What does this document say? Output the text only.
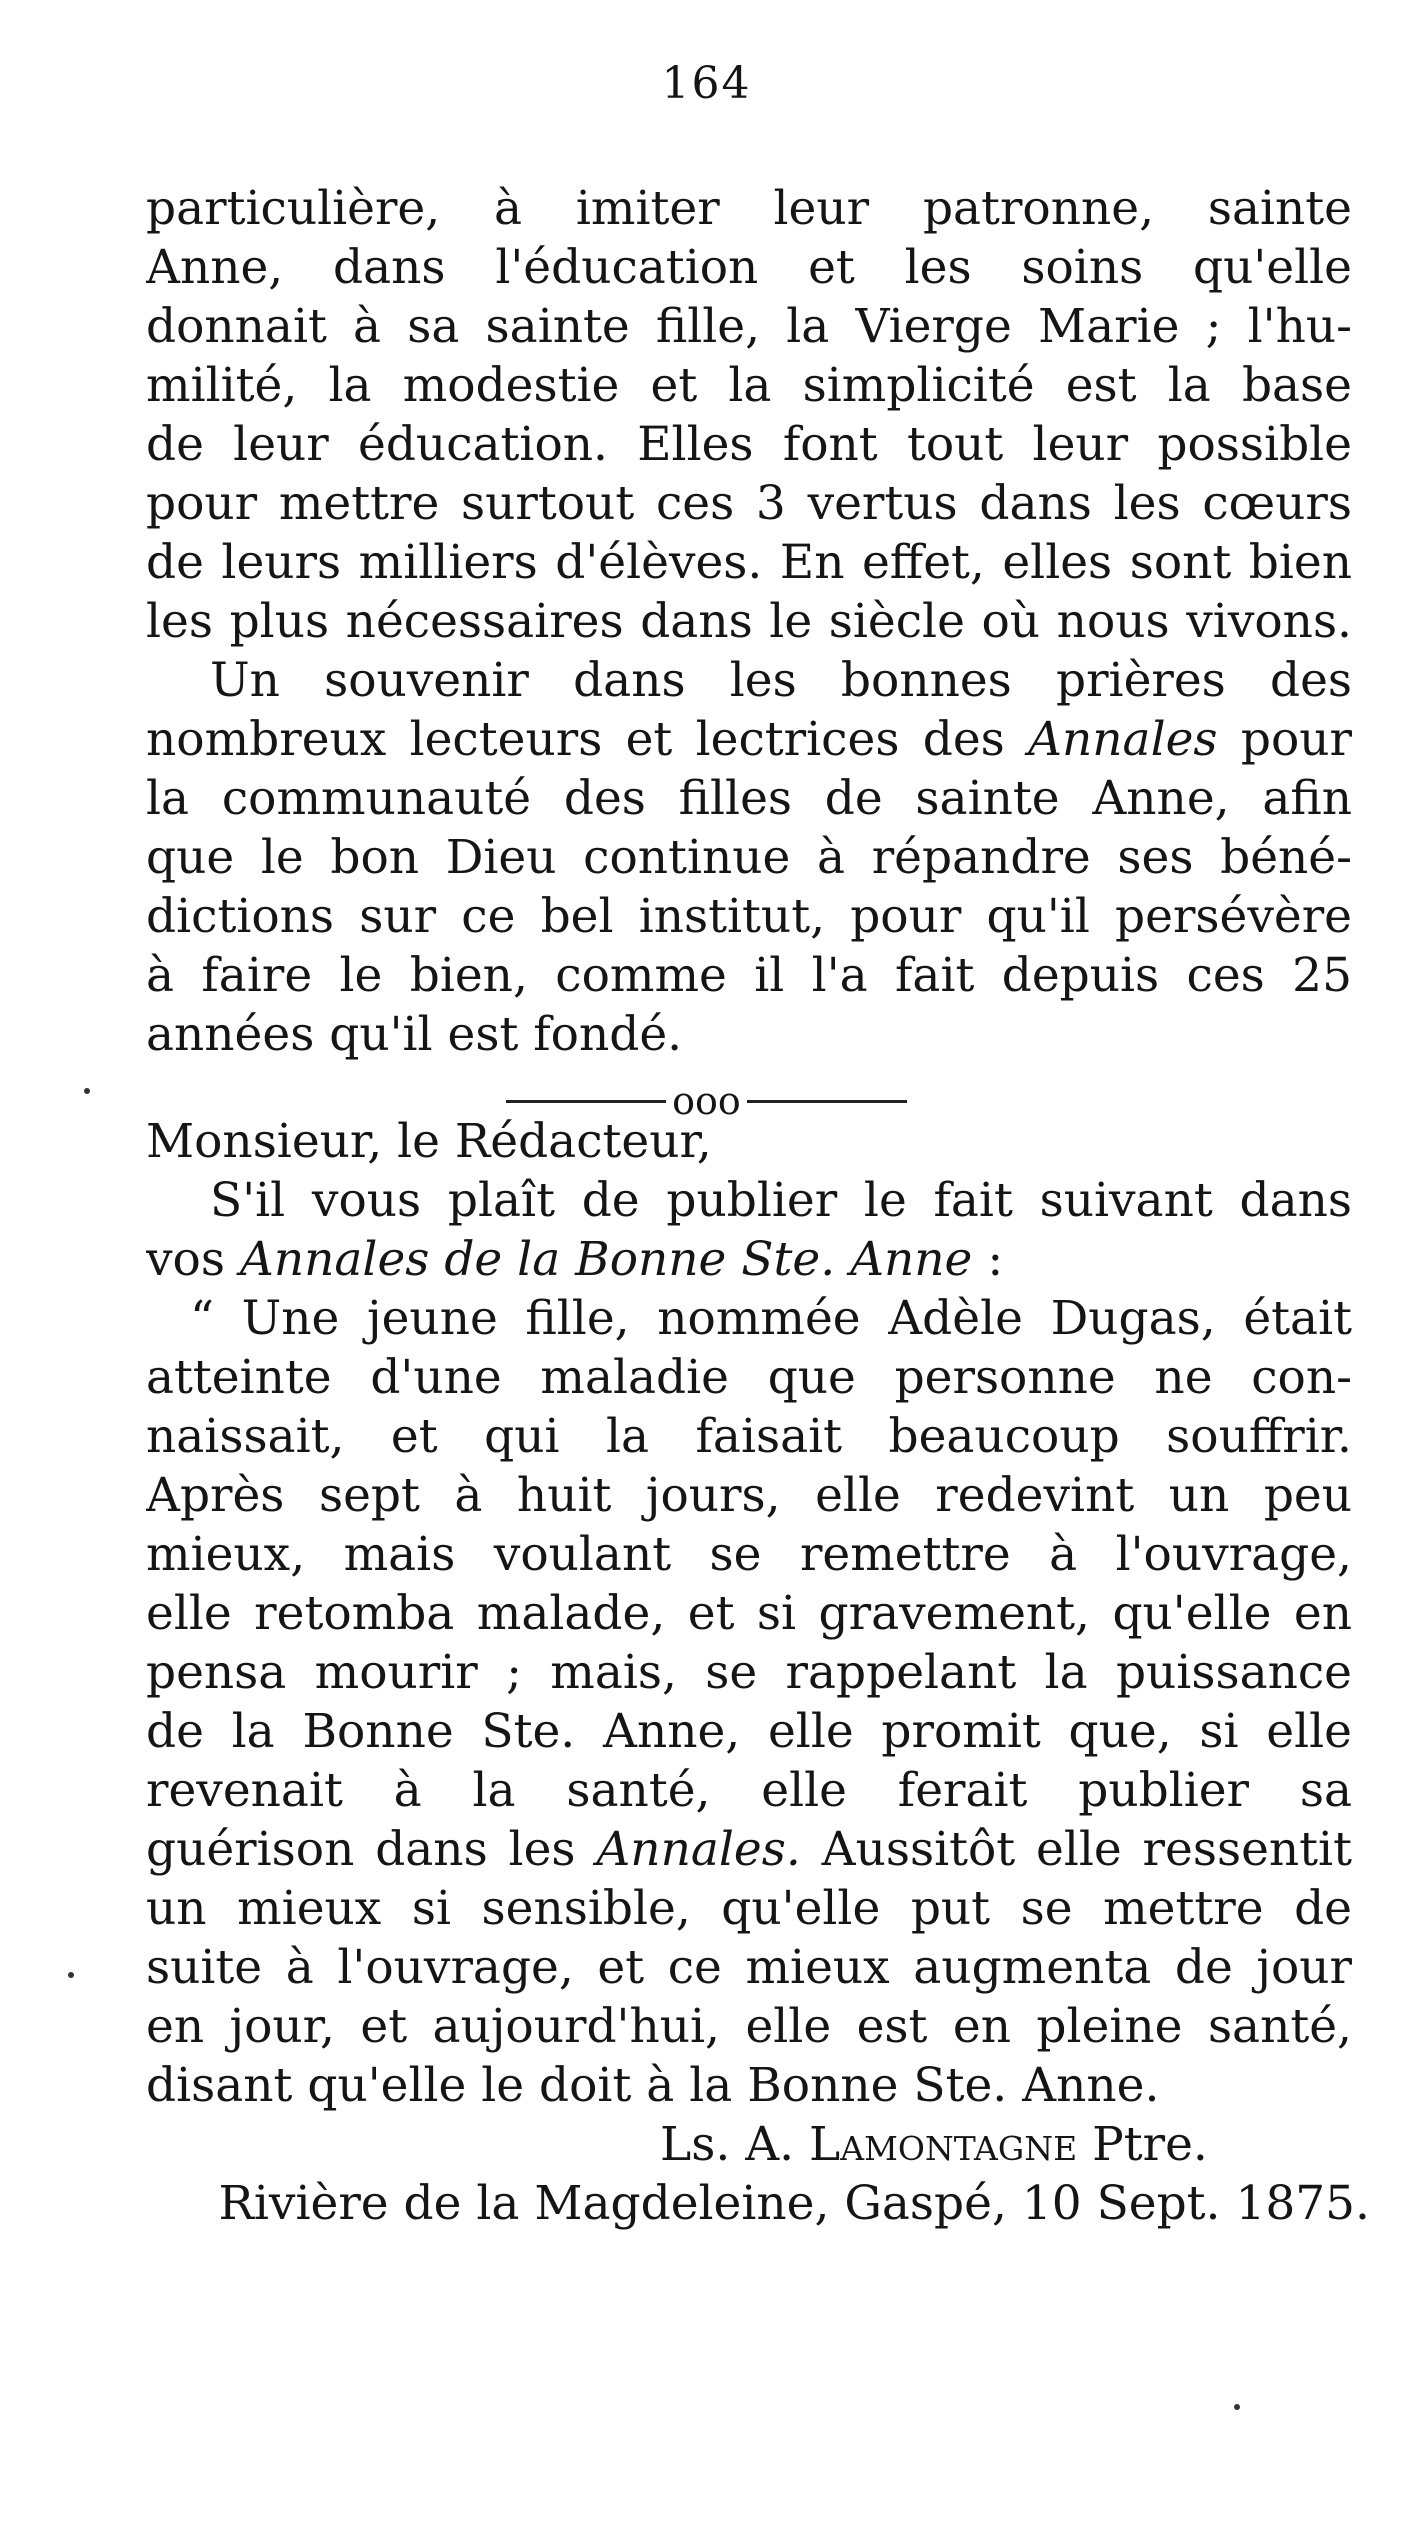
164
particulière, à imiter leur patronne, sainte
Anne, dans l'éducation et les soins qu'elle
donnait à sa sainte fille, la Vierge Marie ; l'hu-
milité, la modestie et la simplicité est la base
de leur éducation. Elles font tout leur possible
pour mettre surtout ces 3 vertus dans les cœurs
de leurs milliers d'élèves. En effet, elles sont bien
les plus nécessaires dans le siècle où nous vivons.
Un souvenir dans les bonnes prières des
nombreux lecteurs et lectrices des Annales pour
la communauté des filles de sainte Anne, afin
que le bon Dieu continue à répandre ses béné-
dictions sur ce bel institut, pour qu'il persévère
à faire le bien, comme il l'a fait depuis ces 25
années qu'il est fondé.
ooo
Monsieur, le Rédacteur,
S'il vous plaît de publier le fait suivant dans
vos Annales de la Bonne Ste. Anne :
“ Une jeune fille, nommée Adèle Dugas, était
atteinte d'une maladie que personne ne con-
naissait, et qui la faisait beaucoup souffrir.
Après sept à huit jours, elle redevint un peu
mieux, mais voulant se remettre à l'ouvrage,
elle retomba malade, et si gravement, qu'elle en
pensa mourir ; mais, se rappelant la puissance
de la Bonne Ste. Anne, elle promit que, si elle
revenait à la santé, elle ferait publier sa
guérison dans les Annales. Aussitôt elle ressentit
un mieux si sensible, qu'elle put se mettre de
suite à l'ouvrage, et ce mieux augmenta de jour
en jour, et aujourd'hui, elle est en pleine santé,
disant qu'elle le doit à la Bonne Ste. Anne.
Ls. A. Lamontagne Ptre.
Rivière de la Magdeleine, Gaspé, 10 Sept. 1875.
